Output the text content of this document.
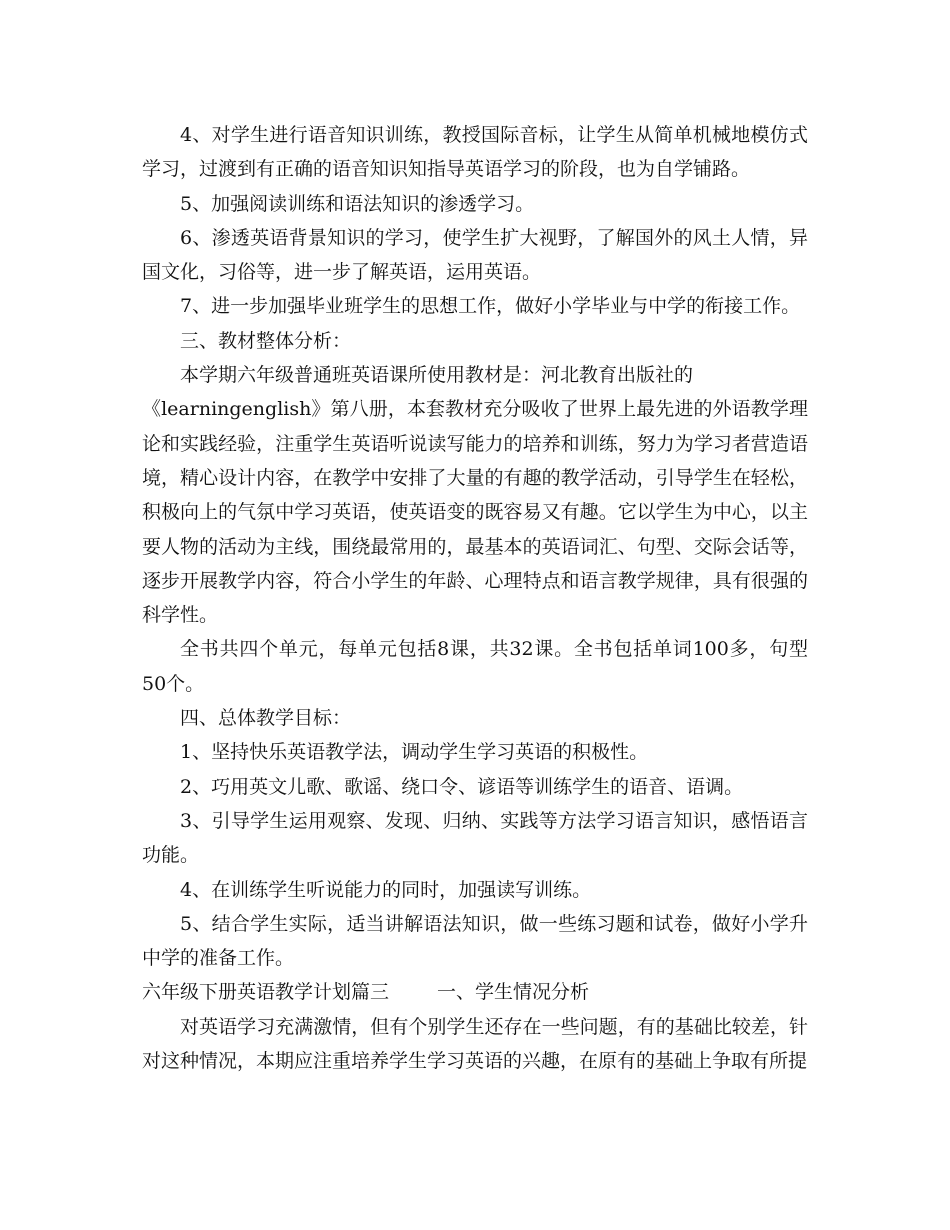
4、对学生进行语音知识训练，教授国际音标，让学生从简单机械地模仿式学习，过渡到有正确的语音知识知指导英语学习的阶段，也为自学铺路。

5、加强阅读训练和语法知识的渗透学习。

6、渗透英语背景知识的学习，使学生扩大视野，了解国外的风土人情，异国文化，习俗等，进一步了解英语，运用英语。

7、进一步加强毕业班学生的思想工作，做好小学毕业与中学的衔接工作。

三、教材整体分析：

本学期六年级普通班英语课所使用教材是：河北教育出版社的

《learningenglish》第八册，本套教材充分吸收了世界上最先进的外语教学理论和实践经验，注重学生英语听说读写能力的培养和训练，努力为学习者营造语境，精心设计内容，在教学中安排了大量的有趣的教学活动，引导学生在轻松，积极向上的气氛中学习英语，使英语变的既容易又有趣。它以学生为中心，以主要人物的活动为主线，围绕最常用的，最基本的英语词汇、句型、交际会话等，逐步开展教学内容，符合小学生的年龄、心理特点和语言教学规律，具有很强的科学性。

全书共四个单元，每单元包括8课，共32课。全书包括单词100多，句型50个。

四、总体教学目标：

1、坚持快乐英语教学法，调动学生学习英语的积极性。

2、巧用英文儿歌、歌谣、绕口令、谚语等训练学生的语音、语调。

3、引导学生运用观察、发现、归纳、实践等方法学习语言知识，感悟语言功能。

4、在训练学生听说能力的同时，加强读写训练。

5、结合学生实际，适当讲解语法知识，做一些练习题和试卷，做好小学升中学的准备工作。

六年级下册英语教学计划篇三	一、学生情况分析

对英语学习充满激情，但有个别学生还存在一些问题，有的基础比较差，针对这种情况，本期应注重培养学生学习英语的兴趣，在原有的基础上争取有所提
